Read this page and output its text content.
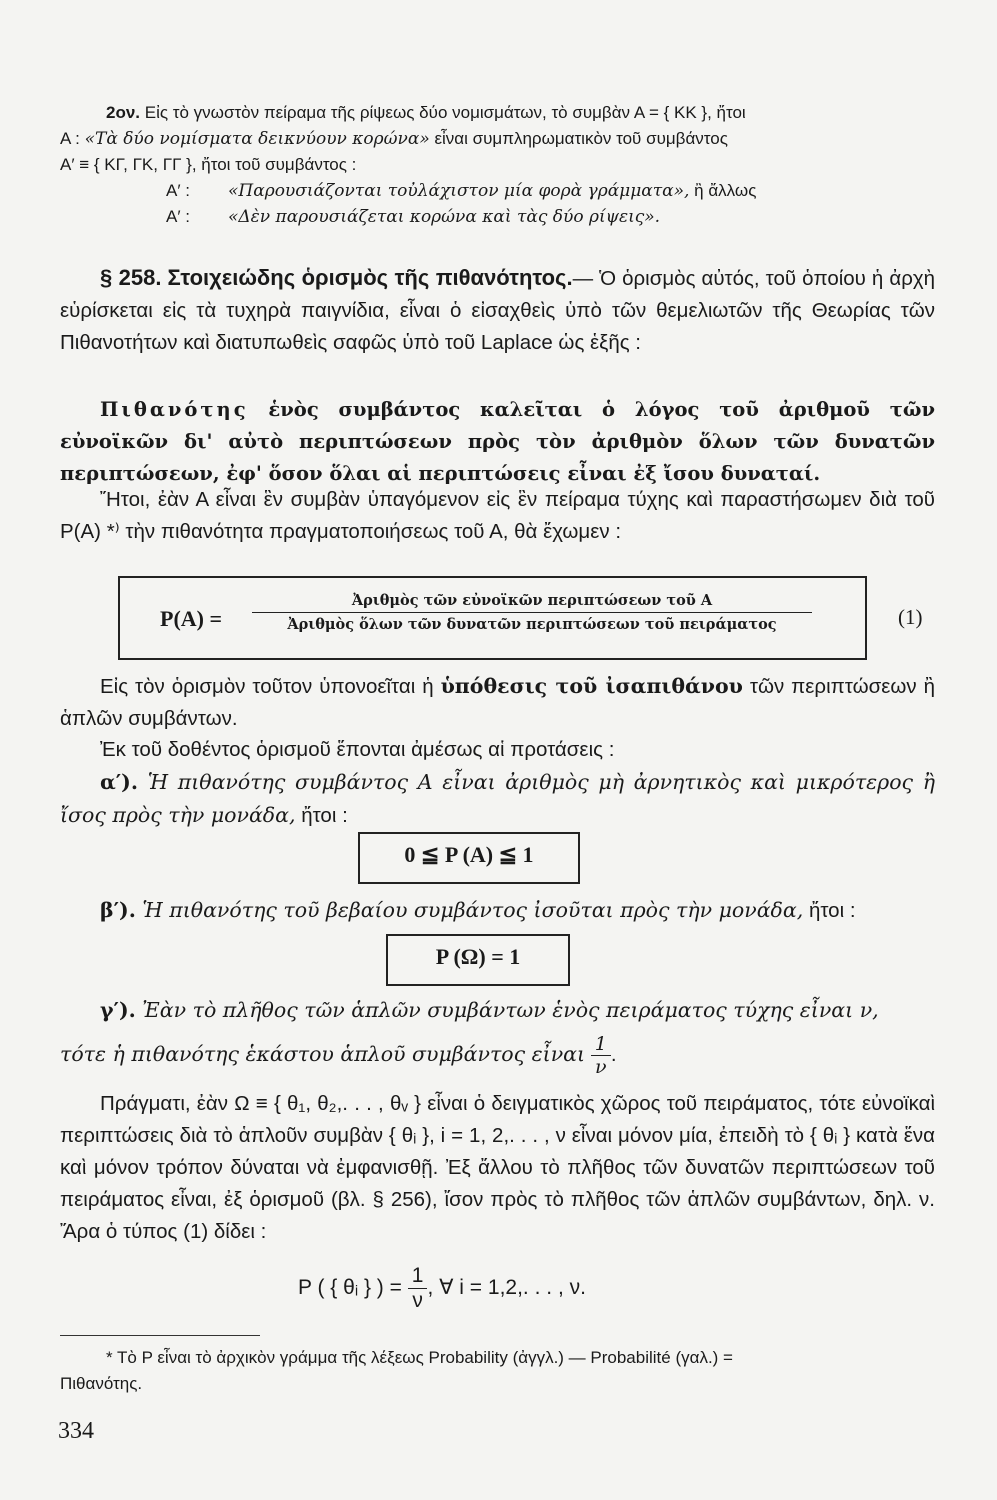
2ον. Εἰς τὸ γνωστὸν πείραμα τῆς ρίψεως δύο νομισμάτων, τὸ συμβὰν Α = { ΚΚ }, ἤτοι
Α : «Τὰ δύο νομίσματα δεικνύουν κορώνα» εἶναι συμπληρωματικὸν τοῦ συμβάντος
Α′ ≡ { ΚΓ, ΓΚ, ΓΓ }, ἤτοι τοῦ συμβάντος :
Α′ : «Παρουσιάζονται τοὐλάχιστον μία φορὰ γράμματα», ἢ ἄλλως
Α′ : «Δὲν παρουσιάζεται κορώνα καὶ τὰς δύο ρίψεις».
§ 258. Στοιχειώδης ὁρισμὸς τῆς πιθανότητος.— Ὁ ὁρισμὸς αὐτός, τοῦ ὁποίου ἡ ἀρχὴ εὑρίσκεται εἰς τὰ τυχηρὰ παιγνίδια, εἶναι ὁ εἰσαχθεὶς ὑπὸ τῶν θεμελιωτῶν τῆς Θεωρίας τῶν Πιθανοτήτων καὶ διατυπωθεὶς σαφῶς ὑπὸ τοῦ Laplace ὡς ἑξῆς :
Πιθανότης ἑνὸς συμβάντος καλεῖται ὁ λόγος τοῦ ἀριθμοῦ τῶν εὐνοϊκῶν δι' αὐτὸ περιπτώσεων πρὸς τὸν ἀριθμὸν ὅλων τῶν δυνατῶν περιπτώσεων, ἐφ' ὅσον ὅλαι αἱ περιπτώσεις εἶναι ἐξ ἴσου δυναταί.
Ἤτοι, ἐὰν Α εἶναι ἓν συμβὰν ὑπαγόμενον εἰς ἓν πείραμα τύχης καὶ παραστήσωμεν διὰ τοῦ Ρ(Α) *⁾ τὴν πιθανότητα πραγματοποιήσεως τοῦ Α, θὰ ἔχωμεν :
P(A) =
Ἀριθμὸς τῶν εὐνοϊκῶν περιπτώσεων τοῦ Α
Ἀριθμὸς ὅλων τῶν δυνατῶν περιπτώσεων τοῦ πειράματος	(1)
Εἰς τὸν ὁρισμὸν τοῦτον ὑπονοεῖται ἡ ὑπόθεσις τοῦ ἰσαπιθάνου τῶν περιπτώσεων ἢ ἁπλῶν συμβάντων.
Ἐκ τοῦ δοθέντος ὁρισμοῦ ἕπονται ἀμέσως αἱ προτάσεις :
α′). Ἡ πιθανότης συμβάντος Α εἶναι ἀριθμὸς μὴ ἀρνητικὸς καὶ μικρότερος ἢ ἴσος πρὸς τὴν μονάδα, ἤτοι :
0 ≦ P (A) ≦ 1
β′). Ἡ πιθανότης τοῦ βεβαίου συμβάντος ἰσοῦται πρὸς τὴν μονάδα, ἤτοι :
P (Ω) = 1
γ′). Ἐὰν τὸ πλῆθος τῶν ἁπλῶν συμβάντων ἑνὸς πειράματος τύχης εἶναι ν,
τότε ἡ πιθανότης ἑκάστου ἁπλοῦ συμβάντος εἶναι $\frac{1}{\nu}$ .
Πράγματι, ἐὰν Ω ≡ { θ₁, θ₂,. . . , θᵥ } εἶναι ὁ δειγματικὸς χῶρος τοῦ πειράματος, τότε εὐνοϊκαὶ περιπτώσεις διὰ τὸ ἁπλοῦν συμβὰν { θᵢ }, i = 1, 2,. . . , ν εἶναι μόνον μία, ἐπειδὴ τὸ { θᵢ } κατὰ ἕνα καὶ μόνον τρόπον δύναται νὰ ἐμφανισθῇ. Ἐξ ἄλλου τὸ πλῆθος τῶν δυνατῶν περιπτώσεων τοῦ πειράματος εἶναι, ἐξ ὁρισμοῦ (βλ. § 256), ἴσον πρὸς τὸ πλῆθος τῶν ἁπλῶν συμβάντων, δηλ. ν. Ἄρα ὁ τύπος (1) δίδει :
P ( { θᵢ } ) = $\frac{1}{\nu}$ , ∀ i = 1,2,. . . , ν.
* Τὸ Ρ εἶναι τὸ ἀρχικὸν γράμμα τῆς λέξεως Probability (ἀγγλ.) — Probabilité (γαλ.) =
Πιθανότης.
334
